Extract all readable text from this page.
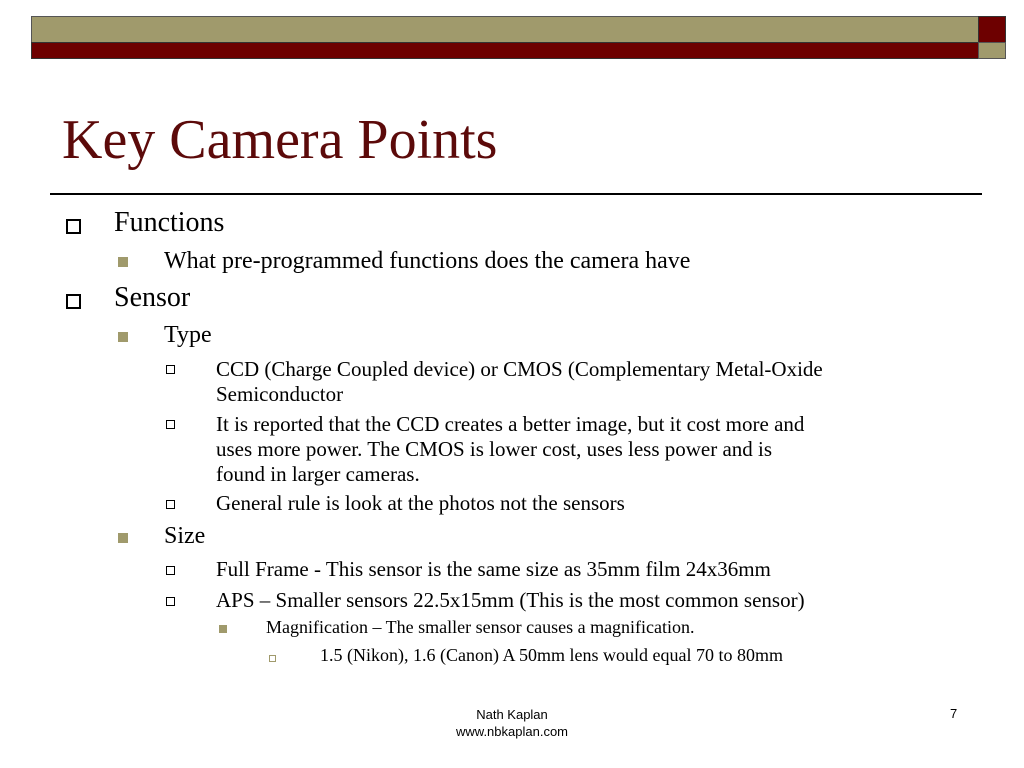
Key Camera Points
Functions
What pre-programmed functions does the camera have
Sensor
Type
CCD (Charge Coupled device) or CMOS (Complementary Metal-Oxide
Semiconductor
It is reported that the CCD creates a better image, but it cost more and
uses more power. The CMOS is lower cost, uses less power and is
found in larger cameras.
General rule is look at the photos not the sensors
Size
Full Frame - This sensor is the same size as 35mm film 24x36mm
APS – Smaller sensors 22.5x15mm (This is the most common sensor)
Magnification – The smaller sensor causes a magnification.
1.5 (Nikon), 1.6 (Canon) A 50mm lens would equal 70 to 80mm
Nath Kaplan
www.nbkaplan.com
7
